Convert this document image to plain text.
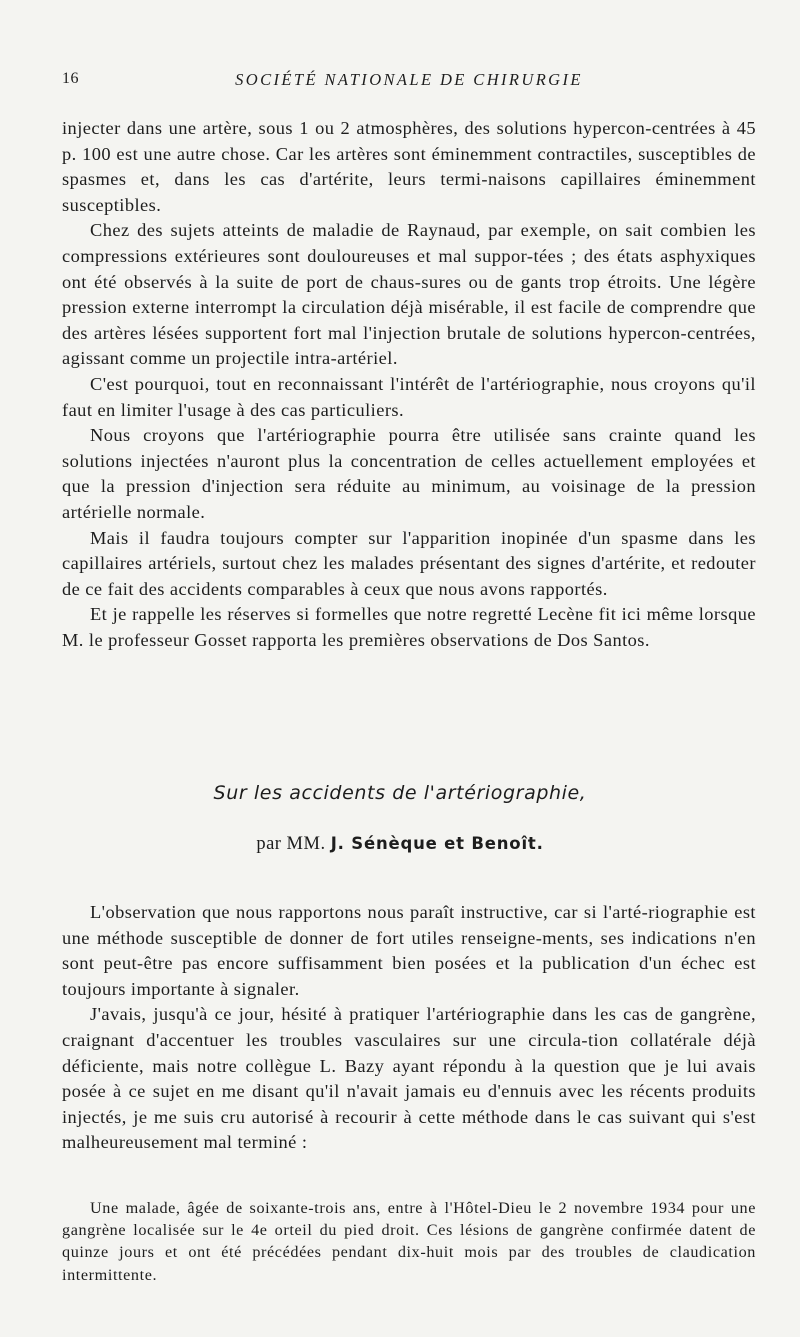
16	SOCIÉTÉ NATIONALE DE CHIRURGIE

injecter dans une artère, sous 1 ou 2 atmosphères, des solutions hypercon-centrées à 45 p. 100 est une autre chose. Car les artères sont éminemment contractiles, susceptibles de spasmes et, dans les cas d'artérite, leurs termi-naisons capillaires éminemment susceptibles.

Chez des sujets atteints de maladie de Raynaud, par exemple, on sait combien les compressions extérieures sont douloureuses et mal suppor-tées ; des états asphyxiques ont été observés à la suite de port de chaus-sures ou de gants trop étroits. Une légère pression externe interrompt la circulation déjà misérable, il est facile de comprendre que des artères lésées supportent fort mal l'injection brutale de solutions hypercon-centrées, agissant comme un projectile intra-artériel.

C'est pourquoi, tout en reconnaissant l'intérêt de l'artériographie, nous croyons qu'il faut en limiter l'usage à des cas particuliers.

Nous croyons que l'artériographie pourra être utilisée sans crainte quand les solutions injectées n'auront plus la concentration de celles actuellement employées et que la pression d'injection sera réduite au minimum, au voisinage de la pression artérielle normale.

Mais il faudra toujours compter sur l'apparition inopinée d'un spasme dans les capillaires artériels, surtout chez les malades présentant des signes d'artérite, et redouter de ce fait des accidents comparables à ceux que nous avons rapportés.

Et je rappelle les réserves si formelles que notre regretté Lecène fit ici même lorsque M. le professeur Gosset rapporta les premières observations de Dos Santos.

Sur les accidents de l'artériographie,
par MM. J. Sénèque et Benoît.

L'observation que nous rapportons nous paraît instructive, car si l'arté-riographie est une méthode susceptible de donner de fort utiles renseigne-ments, ses indications n'en sont peut-être pas encore suffisamment bien posées et la publication d'un échec est toujours importante à signaler.

J'avais, jusqu'à ce jour, hésité à pratiquer l'artériographie dans les cas de gangrène, craignant d'accentuer les troubles vasculaires sur une circula-tion collatérale déjà déficiente, mais notre collègue L. Bazy ayant répondu à la question que je lui avais posée à ce sujet en me disant qu'il n'avait jamais eu d'ennuis avec les récents produits injectés, je me suis cru autorisé à recourir à cette méthode dans le cas suivant qui s'est malheureusement mal terminé :

Une malade, âgée de soixante-trois ans, entre à l'Hôtel-Dieu le 2 novembre 1934 pour une gangrène localisée sur le 4e orteil du pied droit. Ces lésions de gangrène confirmée datent de quinze jours et ont été précédées pendant dix-huit mois par des troubles de claudication intermittente.
